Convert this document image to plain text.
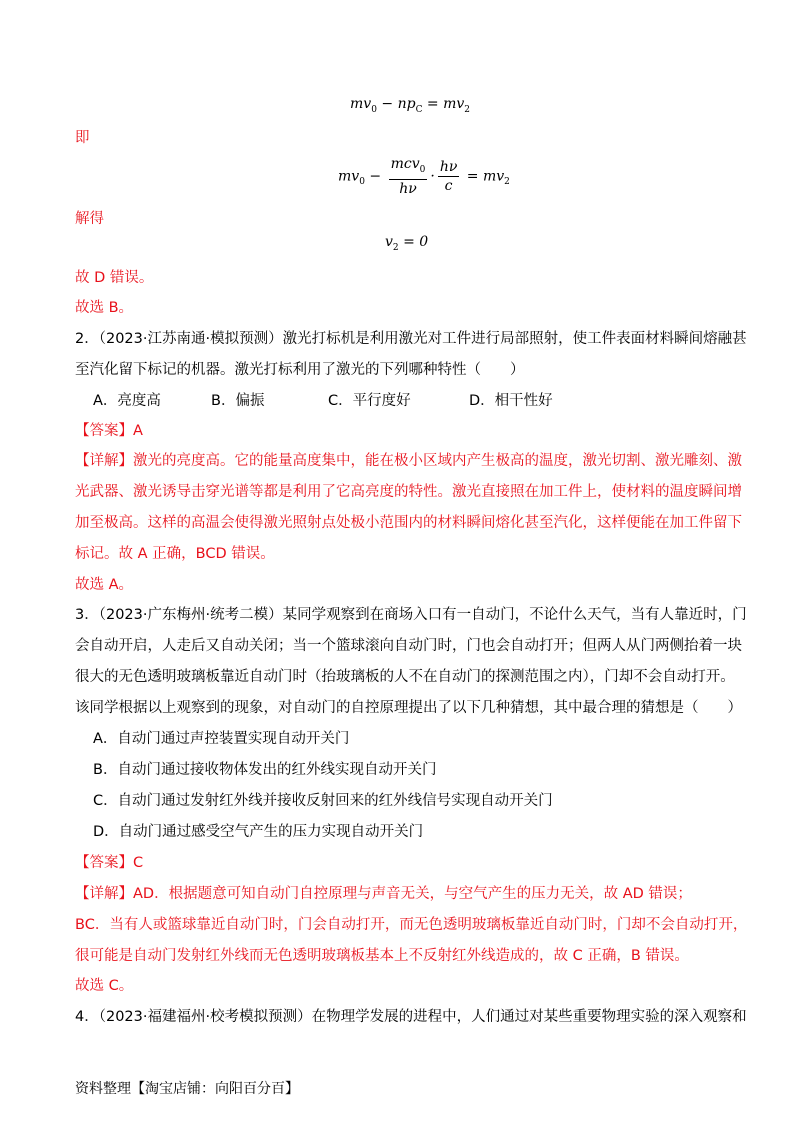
$mv_0 - np_C = mv_2$
即
$mv_0 - \frac{mcv_0}{h\nu} \cdot \frac{h\nu}{c} = mv_2$
解得
$v_2 = 0$
故 D 错误。
故选 B。
2．（2023·江苏南通·模拟预测）激光打标机是利用激光对工件进行局部照射，使工件表面材料瞬间熔融甚
至汽化留下标记的机器。激光打标利用了激光的下列哪种特性（　　）
A．亮度高	B．偏振	C．平行度好	D．相干性好
【答案】A
【详解】激光的亮度高。它的能量高度集中，能在极小区域内产生极高的温度，激光切割、激光雕刻、激
光武器、激光诱导击穿光谱等都是利用了它高亮度的特性。激光直接照在加工件上，使材料的温度瞬间增
加至极高。这样的高温会使得激光照射点处极小范围内的材料瞬间熔化甚至汽化，这样便能在加工件留下
标记。故 A 正确，BCD 错误。
故选 A。
3．（2023·广东梅州·统考二模）某同学观察到在商场入口有一自动门，不论什么天气，当有人靠近时，门
会自动开启，人走后又自动关闭；当一个篮球滚向自动门时，门也会自动打开；但两人从门两侧抬着一块
很大的无色透明玻璃板靠近自动门时（抬玻璃板的人不在自动门的探测范围之内），门却不会自动打开。
该同学根据以上观察到的现象，对自动门的自控原理提出了以下几种猜想，其中最合理的猜想是（　　）
A．自动门通过声控装置实现自动开关门
B．自动门通过接收物体发出的红外线实现自动开关门
C．自动门通过发射红外线并接收反射回来的红外线信号实现自动开关门
D．自动门通过感受空气产生的压力实现自动开关门
【答案】C
【详解】AD．根据题意可知自动门自控原理与声音无关，与空气产生的压力无关，故 AD 错误；
BC．当有人或篮球靠近自动门时，门会自动打开，而无色透明玻璃板靠近自动门时，门却不会自动打开，
很可能是自动门发射红外线而无色透明玻璃板基本上不反射红外线造成的，故 C 正确，B 错误。
故选 C。
4．（2023·福建福州·校考模拟预测）在物理学发展的进程中，人们通过对某些重要物理实验的深入观察和
资料整理【淘宝店铺：向阳百分百】
